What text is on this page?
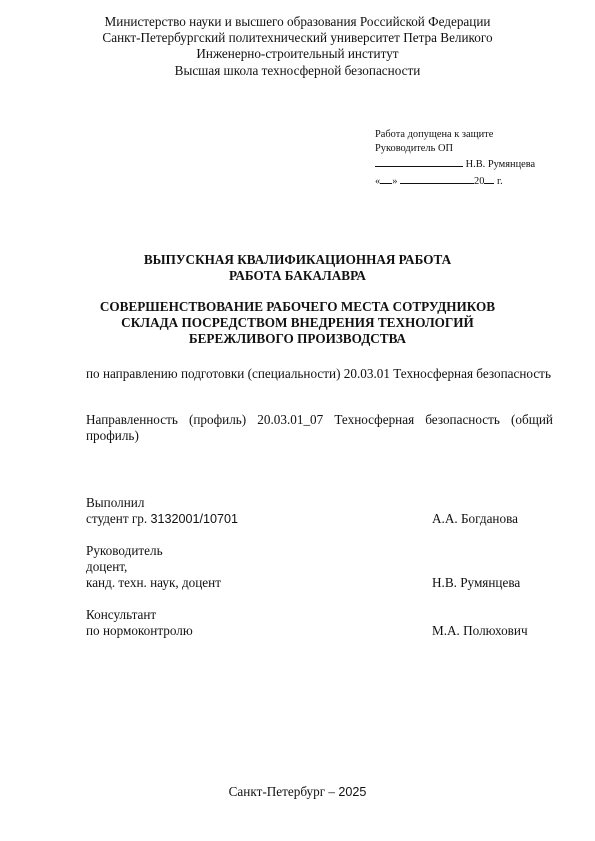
Министерство науки и высшего образования Российской Федерации
Санкт-Петербургский политехнический университет Петра Великого
Инженерно-строительный институт
Высшая школа техносферной безопасности
Работа допущена к защите
Руководитель ОП
Н.В. Румянцева
« »	20 г.
ВЫПУСКНАЯ КВАЛИФИКАЦИОННАЯ РАБОТА
РАБОТА БАКАЛАВРА
СОВЕРШЕНСТВОВАНИЕ РАБОЧЕГО МЕСТА СОТРУДНИКОВ
СКЛАДА ПОСРЕДСТВОМ ВНЕДРЕНИЯ ТЕХНОЛОГИЙ
БЕРЕЖЛИВОГО ПРОИЗВОДСТВА
по направлению подготовки (специальности) 20.03.01 Техносферная безопасность
Направленность (профиль) 20.03.01_07 Техносферная безопасность (общий профиль)
Выполнил
студент гр. 3132001/10701	А.А. Богданова
Руководитель
доцент,
канд. техн. наук, доцент	Н.В. Румянцева
Консультант
по нормоконтролю	М.А. Полюхович
Санкт-Петербург – 2025
